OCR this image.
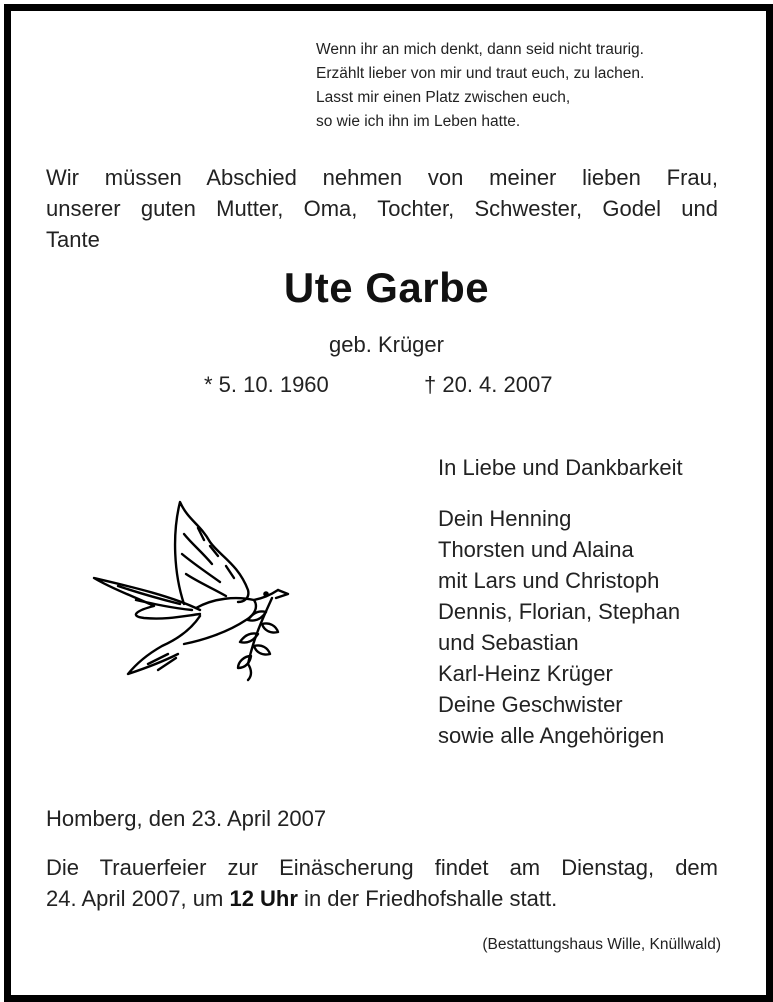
Wenn ihr an mich denkt, dann seid nicht traurig.
Erzählt lieber von mir und traut euch, zu lachen.
Lasst mir einen Platz zwischen euch,
so wie ich ihn im Leben hatte.
Wir müssen Abschied nehmen von meiner lieben Frau,
unserer guten Mutter, Oma, Tochter, Schwester, Godel und
Tante
Ute Garbe
geb. Krüger
* 5. 10. 1960	† 20. 4. 2007
In Liebe und Dankbarkeit
Dein Henning
Thorsten und Alaina
mit Lars und Christoph
Dennis, Florian, Stephan
und Sebastian
Karl-Heinz Krüger
Deine Geschwister
sowie alle Angehörigen
Homberg, den 23. April 2007
Die Trauerfeier zur Einäscherung findet am Dienstag, dem
24. April 2007, um 12 Uhr in der Friedhofshalle statt.
(Bestattungshaus Wille, Knüllwald)
